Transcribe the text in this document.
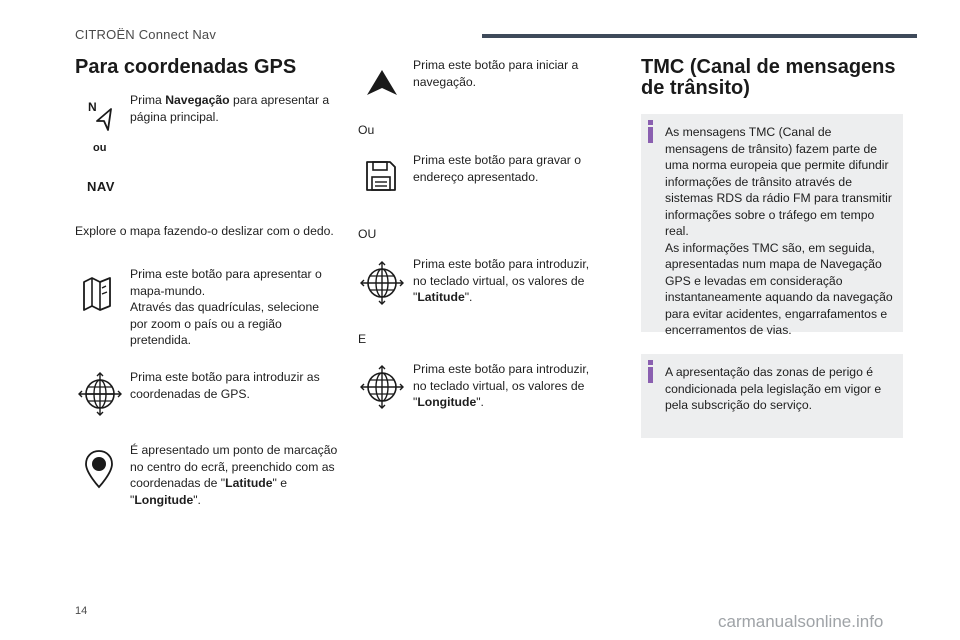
CITROËN Connect Nav
Para coordenadas GPS
N
ou
NAV
Prima Navegação para apresentar a página principal.
Explore o mapa fazendo-o deslizar com o dedo.
Prima este botão para apresentar o mapa-mundo.
Através das quadrículas, selecione por zoom o país ou a região pretendida.
Prima este botão para introduzir as coordenadas de GPS.
É apresentado um ponto de marcação no centro do ecrã, preenchido com as coordenadas de "Latitude" e "Longitude".
Prima este botão para iniciar a navegação.
Ou
Prima este botão para gravar o endereço apresentado.
OU
Prima este botão para introduzir, no teclado virtual, os valores de "Latitude".
E
Prima este botão para introduzir, no teclado virtual, os valores de "Longitude".
TMC (Canal de mensagens de trânsito)
As mensagens TMC (Canal de mensagens de trânsito) fazem parte de uma norma europeia que permite difundir informações de trânsito através de sistemas RDS da rádio FM para transmitir informações sobre o tráfego em tempo real.
As informações TMC são, em seguida, apresentadas num mapa de Navegação GPS e levadas em consideração instantaneamente aquando da navegação para evitar acidentes, engarrafamentos e encerramentos de vias.
A apresentação das zonas de perigo é condicionada pela legislação em vigor e pela subscrição do serviço.
14
carmanualsonline.info
